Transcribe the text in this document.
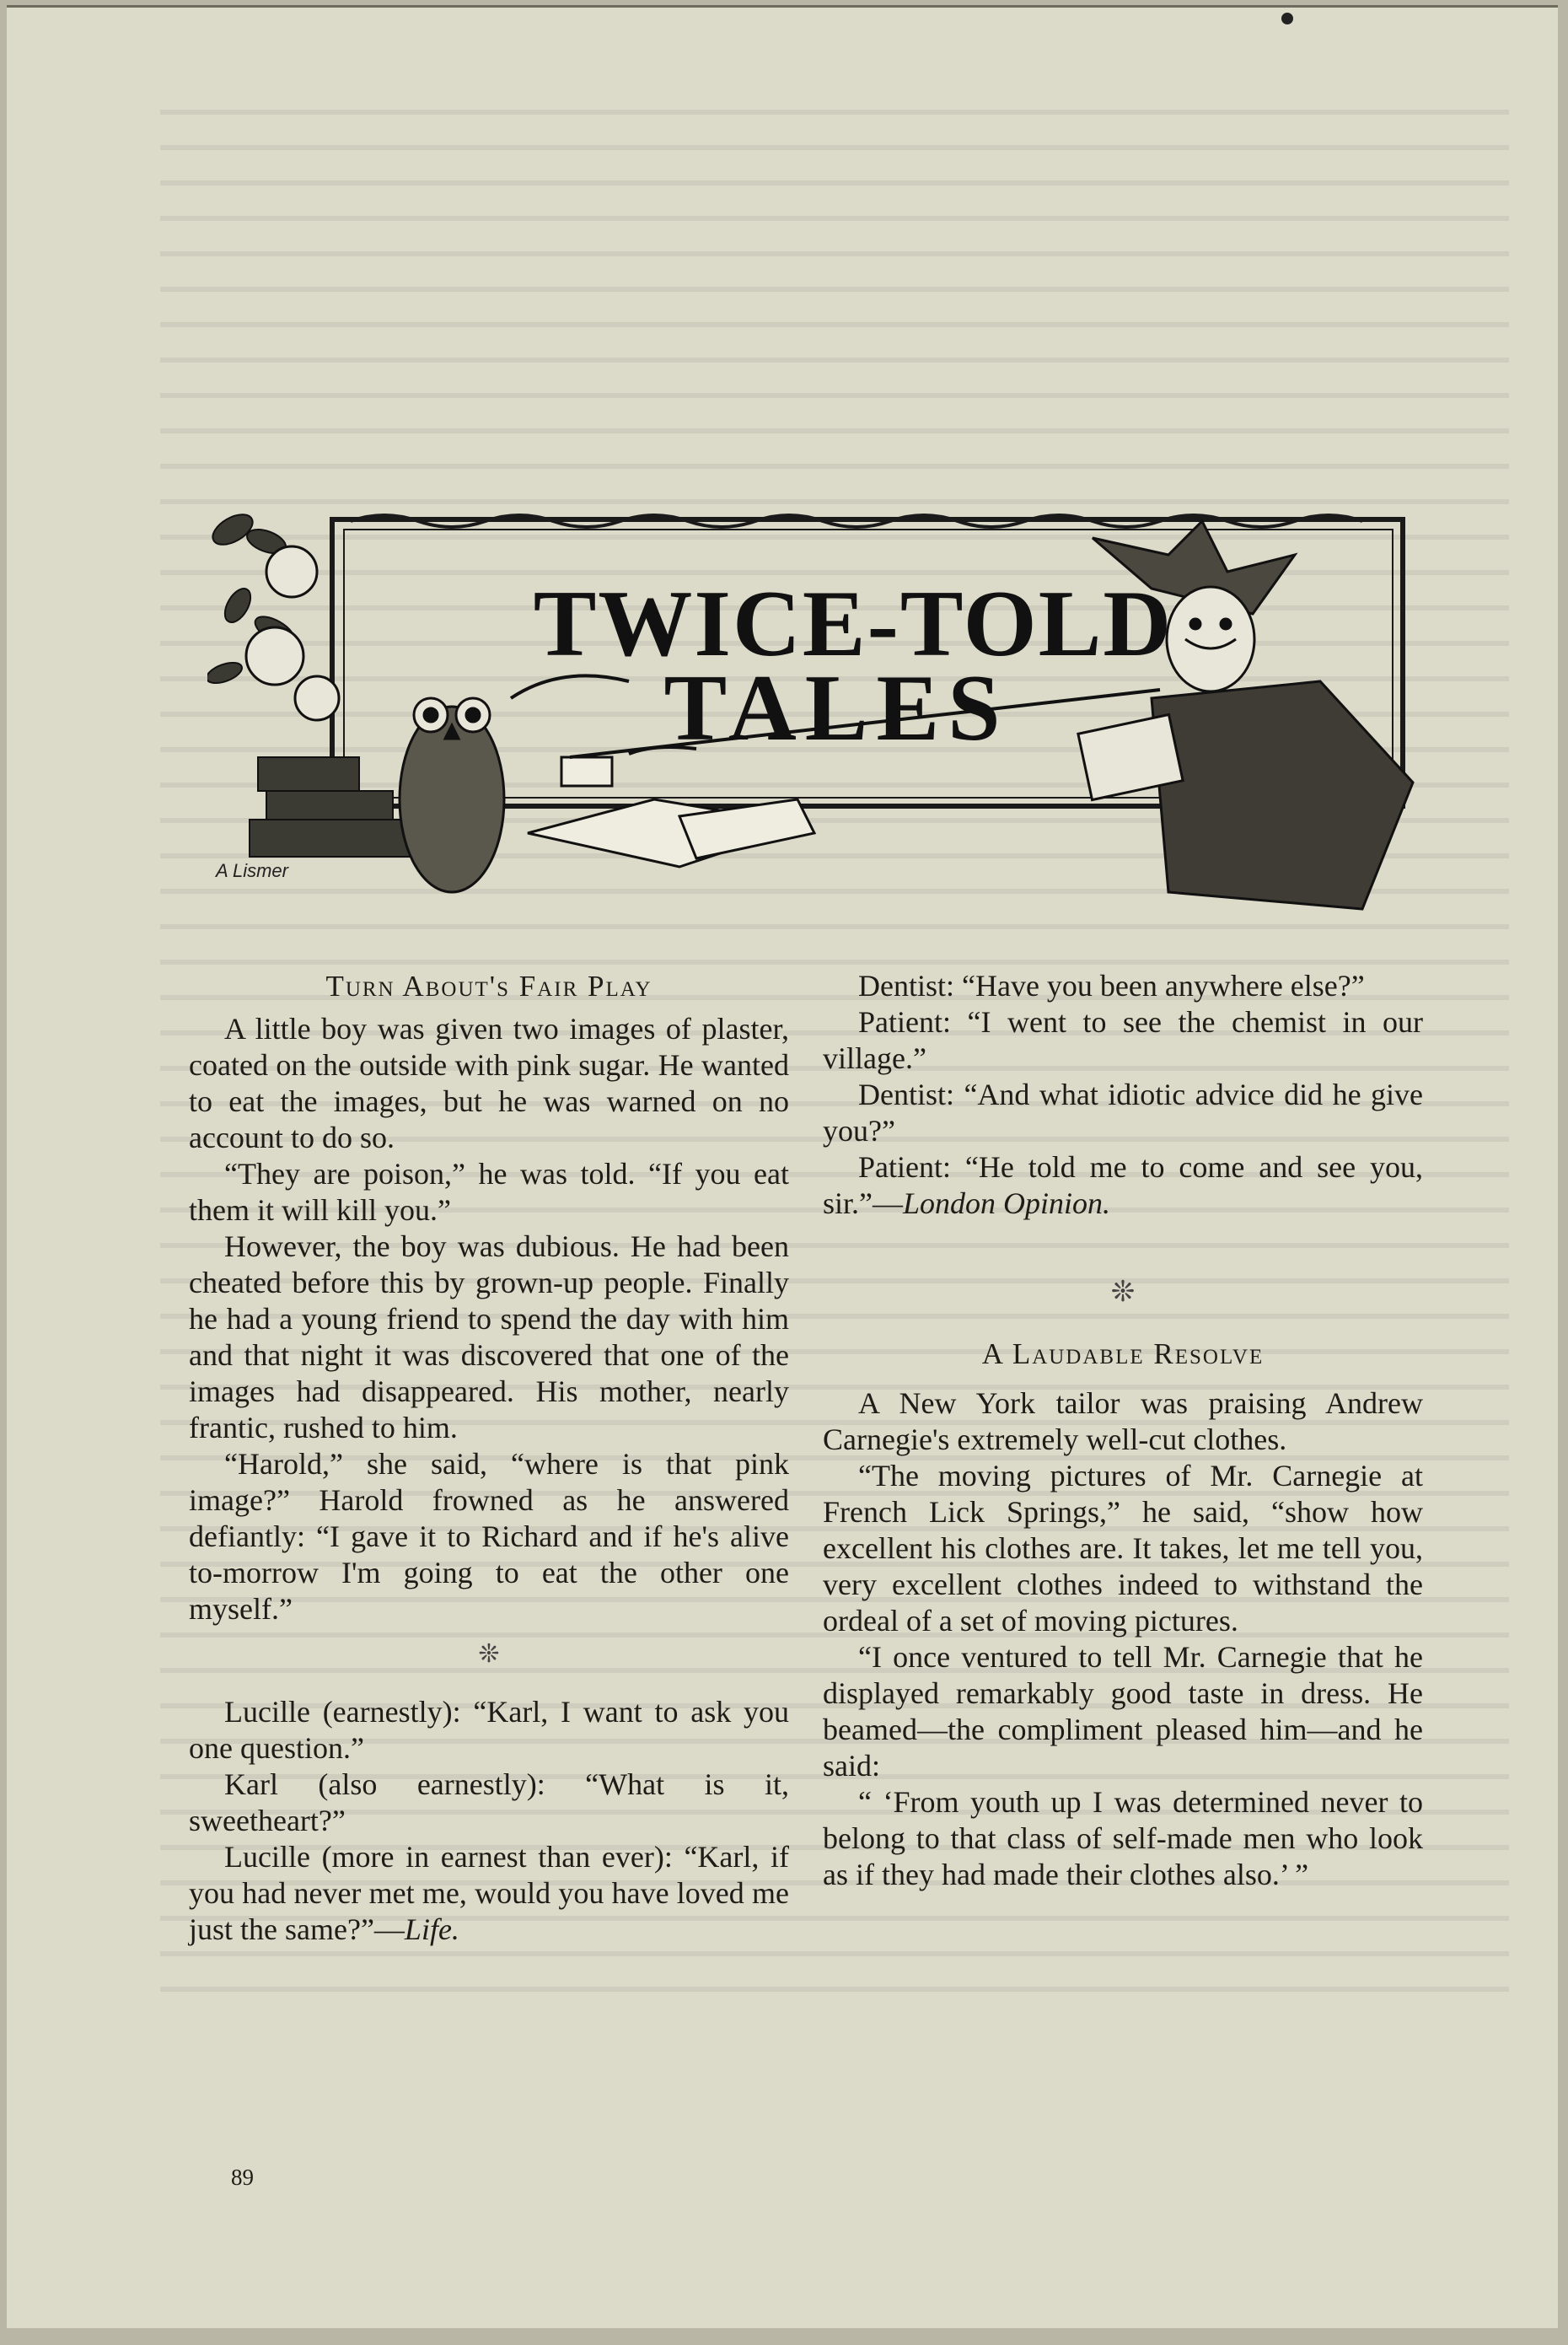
TWICE-TOLD
TALES
A Lismer
Turn About's Fair Play

A little boy was given two images of plaster, coated on the outside with pink sugar. He wanted to eat the images, but he was warned on no account to do so.

“They are poison,” he was told. “If you eat them it will kill you.”

However, the boy was dubious. He had been cheated before this by grown-up people. Finally he had a young friend to spend the day with him and that night it was discovered that one of the images had disappeared. His mother, nearly frantic, rushed to him.

“Harold,” she said, “where is that pink image?” Harold frowned as he answered defiantly: “I gave it to Richard and if he's alive to-morrow I'm going to eat the other one myself.”

❊

Lucille (earnestly): “Karl, I want to ask you one question.”

Karl (also earnestly): “What is it, sweetheart?”

Lucille (more in earnest than ever): “Karl, if you had never met me, would you have loved me just the same?”—Life.

Dentist: “Have you been anywhere else?”

Patient: “I went to see the chemist in our village.”

Dentist: “And what idiotic advice did he give you?”

Patient: “He told me to come and see you, sir.”—London Opinion.

❊
A Laudable Resolve

A New York tailor was praising Andrew Carnegie's extremely well-cut clothes.

“The moving pictures of Mr. Carnegie at French Lick Springs,” he said, “show how excellent his clothes are. It takes, let me tell you, very excellent clothes indeed to withstand the ordeal of a set of moving pictures.

“I once ventured to tell Mr. Carnegie that he displayed remarkably good taste in dress. He beamed—the compliment pleased him—and he said:

“ ‘From youth up I was determined never to belong to that class of self-made men who look as if they had made their clothes also.’ ”

89
